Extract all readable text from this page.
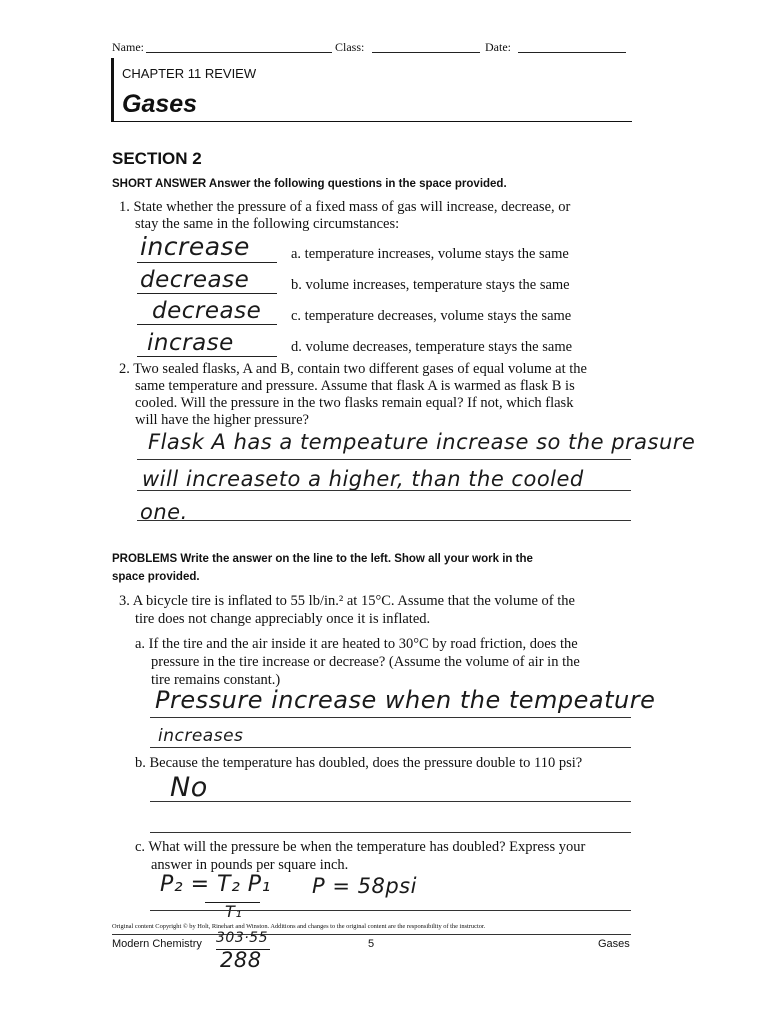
Name:	Class:	Date:
CHAPTER 11 REVIEW
Gases
SECTION 2
SHORT ANSWER Answer the following questions in the space provided.
1. State whether the pressure of a fixed mass of gas will increase, decrease, or
stay the same in the following circumstances:
increase	a. temperature increases, volume stays the same
decrease	b. volume increases, temperature stays the same
decrease c. temperature decreases, volume stays the same
incrase	d. volume decreases, temperature stays the same
2. Two sealed flasks, A and B, contain two different gases of equal volume at the
same temperature and pressure. Assume that flask A is warmed as flask B is
cooled. Will the pressure in the two flasks remain equal? If not, which flask
will have the higher pressure?
Flask A has a tempeature increase so the prasure
will increaseto a higher, than the cooled
one.
PROBLEMS Write the answer on the line to the left. Show all your work in the
space provided.
3. A bicycle tire is inflated to 55 lb/in.² at 15°C. Assume that the volume of the
tire does not change appreciably once it is inflated.
a. If the tire and the air inside it are heated to 30°C by road friction, does the
pressure in the tire increase or decrease? (Assume the volume of air in the
tire remains constant.)
Pressure increase when the tempeature
increases
b. Because the temperature has doubled, does the pressure double to 110 psi?
No
c. What will the pressure be when the temperature has doubled? Express your
answer in pounds per square inch.
P₂ = T₂ P₁
T₁
P = 58psi
Original content Copyright © by Holt, Rinehart and Winston. Additions and changes to the original content are the responsibility of the instructor.
Modern Chemistry	5	Gases
303·55
288
